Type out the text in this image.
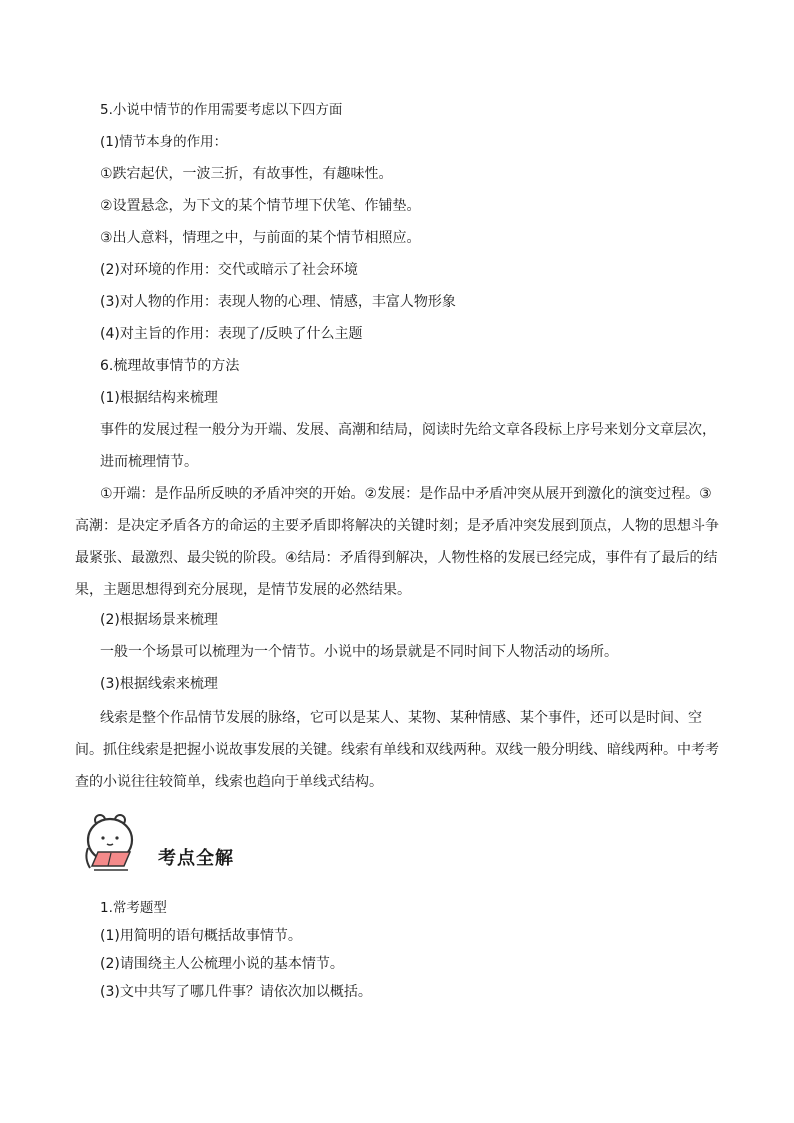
5.小说中情节的作用需要考虑以下四方面
(1)情节本身的作用：
①跌宕起伏，一波三折，有故事性，有趣味性。
②设置悬念，为下文的某个情节埋下伏笔、作铺垫。
③出人意料，情理之中，与前面的某个情节相照应。
(2)对环境的作用：交代或暗示了社会环境
(3)对人物的作用：表现人物的心理、情感，丰富人物形象
(4)对主旨的作用：表现了/反映了什么主题
6.梳理故事情节的方法
(1)根据结构来梳理
事件的发展过程一般分为开端、发展、高潮和结局，阅读时先给文章各段标上序号来划分文章层次，进而梳理情节。
①开端：是作品所反映的矛盾冲突的开始。②发展：是作品中矛盾冲突从展开到激化的演变过程。③高潮：是决定矛盾各方的命运的主要矛盾即将解决的关键时刻；是矛盾冲突发展到顶点，人物的思想斗争最紧张、最激烈、最尖锐的阶段。④结局：矛盾得到解决，人物性格的发展已经完成，事件有了最后的结果，主题思想得到充分展现，是情节发展的必然结果。
(2)根据场景来梳理
一般一个场景可以梳理为一个情节。小说中的场景就是不同时间下人物活动的场所。
(3)根据线索来梳理
线索是整个作品情节发展的脉络，它可以是某人、某物、某种情感、某个事件，还可以是时间、空间。抓住线索是把握小说故事发展的关键。线索有单线和双线两种。双线一般分明线、暗线两种。中考考查的小说往往较简单，线索也趋向于单线式结构。
考点全解
1.常考题型
(1)用简明的语句概括故事情节。
(2)请围绕主人公梳理小说的基本情节。
(3)文中共写了哪几件事？请依次加以概括。
